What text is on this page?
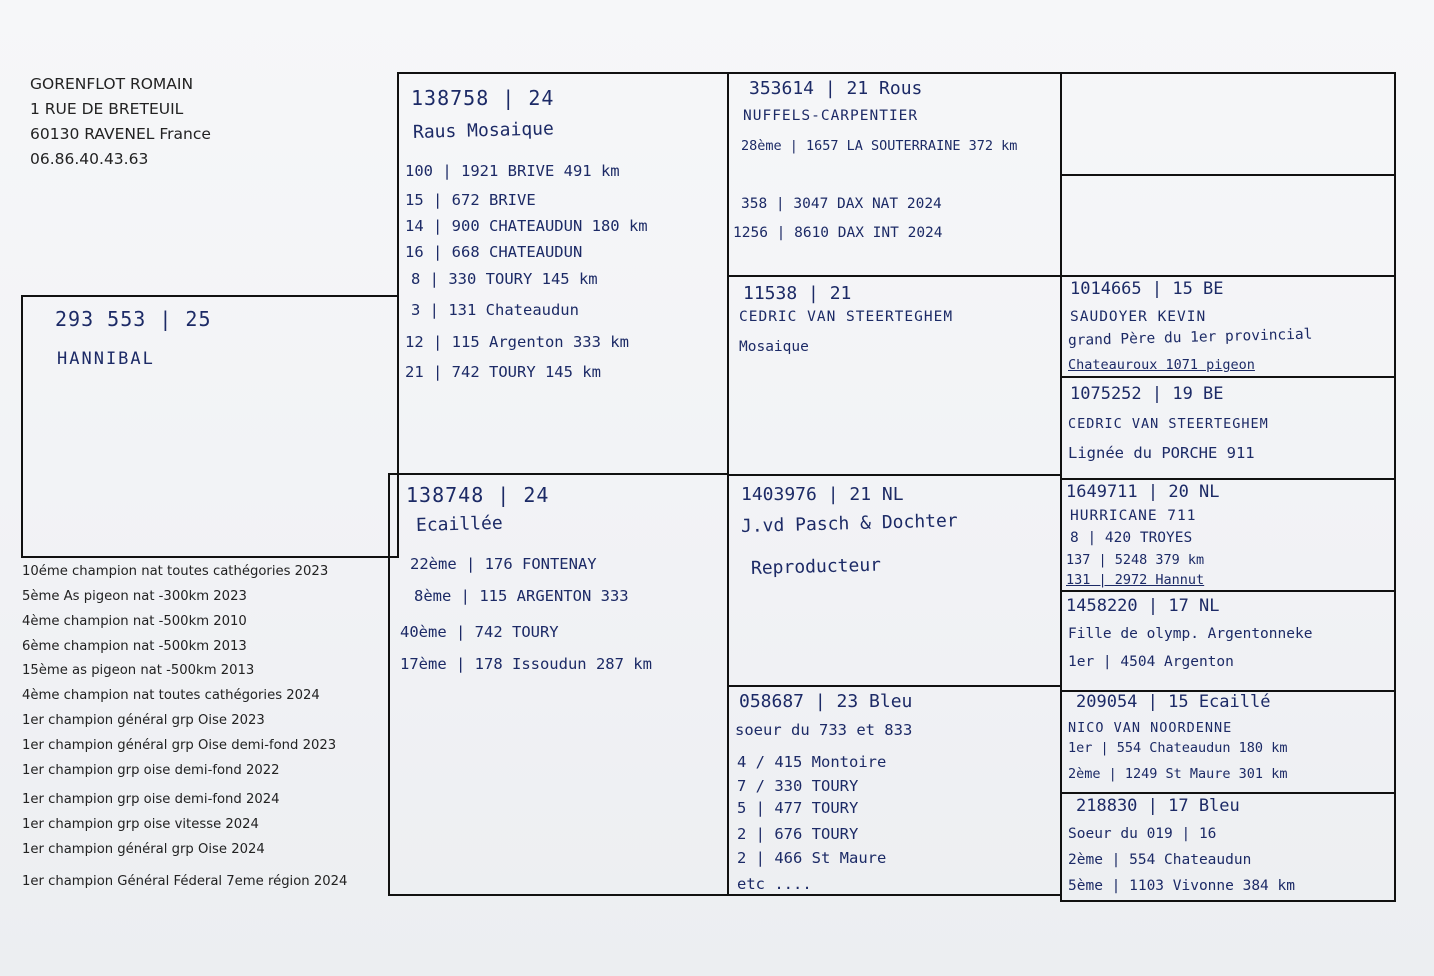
GORENFLOT ROMAIN
1 RUE DE BRETEUIL
60130 RAVENEL France
06.86.40.43.63
10éme champion nat toutes cathégories 2023
5ème As pigeon nat -300km 2023
4ème champion nat -500km 2010
6ème champion nat -500km 2013
15ème as pigeon nat -500km 2013
4ème champion nat toutes cathégories 2024
1er champion général grp Oise 2023
1er champion général grp Oise demi-fond 2023
1er champion grp oise demi-fond 2022
1er champion grp oise demi-fond 2024
1er champion grp oise vitesse 2024
1er champion général grp Oise 2024
1er champion Général Féderal 7eme région 2024
293 553 | 25
HANNIBAL
138758 | 24
Raus Mosaique
100 | 1921 BRIVE 491 km
15 | 672 BRIVE
14 | 900 CHATEAUDUN 180 km
16 | 668 CHATEAUDUN
8 | 330 TOURY 145 km
3 | 131 Chateaudun
12 | 115 Argenton 333 km
21 | 742 TOURY 145 km
138748 | 24
Ecaillée
22ème | 176 FONTENAY
8ème | 115 ARGENTON 333
40ème | 742 TOURY
17ème | 178 Issoudun 287 km
353614 | 21 Rous
NUFFELS-CARPENTIER
28ème | 1657 LA SOUTERRAINE 372 km
358 | 3047 DAX NAT 2024
1256 | 8610 DAX INT 2024
11538 | 21
CEDRIC VAN STEERTEGHEM
Mosaique
1403976 | 21 NL
J.vd Pasch & Dochter
Reproducteur
058687 | 23 Bleu
soeur du 733 et 833
4 / 415 Montoire
7 / 330 TOURY
5 | 477 TOURY
2 | 676 TOURY
2 | 466 St Maure
etc ....
1014665 | 15 BE
SAUDOYER KEVIN
grand Père du 1er provincial
Chateauroux 1071 pigeon
1075252 | 19 BE
CEDRIC VAN STEERTEGHEM
Lignée du PORCHE 911
1649711 | 20 NL
HURRICANE 711
8 | 420 TROYES
137 | 5248 379 km
131 | 2972 Hannut
1458220 | 17 NL
Fille de olymp. Argentonneke
1er | 4504 Argenton
209054 | 15 Ecaillé
NICO VAN NOORDENNE
1er | 554 Chateaudun 180 km
2ème | 1249 St Maure 301 km
218830 | 17 Bleu
Soeur du 019 | 16
2ème | 554 Chateaudun
5ème | 1103 Vivonne 384 km
